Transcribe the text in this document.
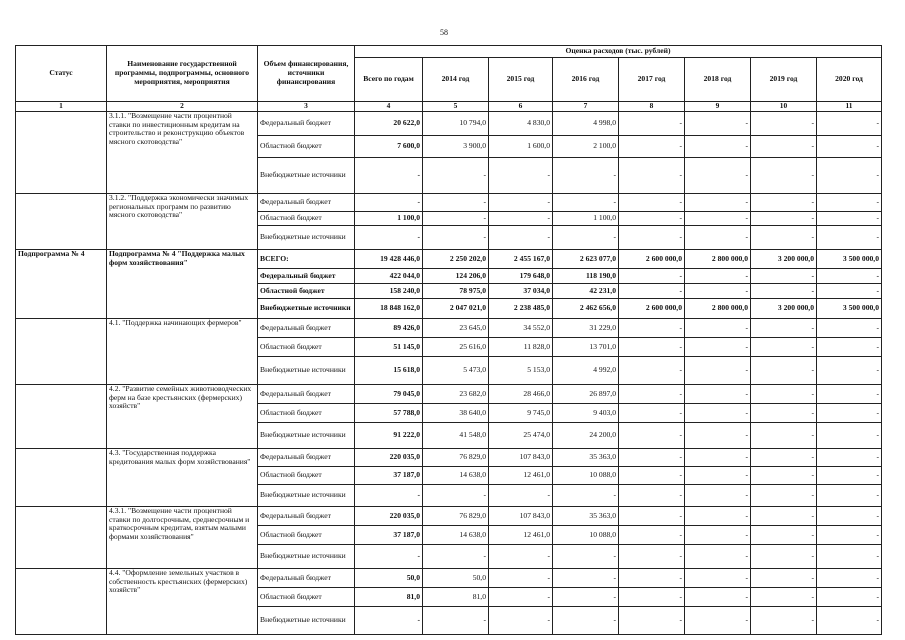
58
Статус	Наименование государственной программы, подпрограммы, основного мероприятия, мероприятия	Объем финансирования, источники финансирования	Оценка расходов (тыс. рублей)							
			Всего по годам	2014 год	2015 год	2016 год	2017 год	2018 год	2019 год	2020 год
1	2	3	4	5	6	7	8	9	10	11
	3.1.1. "Возмещение части процентной ставки по инвестиционным кредитам на строительство и реконструкцию объектов мясного скотоводства"	Федеральный бюджет	20 622,0	10 794,0	4 830,0	4 998,0	-	-	-	-
		Областной бюджет	7 600,0	3 900,0	1 600,0	2 100,0	-	-	-	-
		Внебюджетные источники	-	-	-	-	-	-	-	-
	3.1.2. "Поддержка экономически значимых региональных программ по развитию мясного скотоводства"	Федеральный бюджет	-	-	-	-	-	-	-	-
		Областной бюджет	1 100,0	-	-	1 100,0	-	-	-	-
		Внебюджетные источники	-	-	-	-	-	-	-	-
Подпрограмма № 4	Подпрограмма № 4 "Поддержка малых форм хозяйствования"	ВСЕГО:	19 428 446,0	2 250 202,0	2 455 167,0	2 623 077,0	2 600 000,0	2 800 000,0	3 200 000,0	3 500 000,0
		Федеральный бюджет	422 044,0	124 206,0	179 648,0	118 190,0	-	-	-	-
		Областной бюджет	158 240,0	78 975,0	37 034,0	42 231,0	-	-	-	-
		Внебюджетные источники	18 848 162,0	2 047 021,0	2 238 485,0	2 462 656,0	2 600 000,0	2 800 000,0	3 200 000,0	3 500 000,0
	4.1. "Поддержка начинающих фермеров"	Федеральный бюджет	89 426,0	23 645,0	34 552,0	31 229,0	-	-	-	-
		Областной бюджет	51 145,0	25 616,0	11 828,0	13 701,0	-	-	-	-
		Внебюджетные источники	15 618,0	5 473,0	5 153,0	4 992,0	-	-	-	-
	4.2. "Развитие семейных животноводческих ферм на базе крестьянских (фермерских) хозяйств"	Федеральный бюджет	79 045,0	23 682,0	28 466,0	26 897,0	-	-	-	-
		Областной бюджет	57 788,0	38 640,0	9 745,0	9 403,0	-	-	-	-
		Внебюджетные источники	91 222,0	41 548,0	25 474,0	24 200,0	-	-	-	-
	4.3. "Государственная поддержка кредитования малых форм хозяйствования"	Федеральный бюджет	220 035,0	76 829,0	107 843,0	35 363,0	-	-	-	-
		Областной бюджет	37 187,0	14 638,0	12 461,0	10 088,0	-	-	-	-
		Внебюджетные источники	-	-	-	-	-	-	-	-
	4.3.1. "Возмещение части процентной ставки по долгосрочным, среднесрочным и краткосрочным кредитам, взятым малыми формами хозяйствования"	Федеральный бюджет	220 035,0	76 829,0	107 843,0	35 363,0	-	-	-	-
		Областной бюджет	37 187,0	14 638,0	12 461,0	10 088,0	-	-	-	-
		Внебюджетные источники	-	-	-	-	-	-	-	-
	4.4. "Оформление земельных участков в собственность крестьянских (фермерских) хозяйств"	Федеральный бюджет	50,0	50,0	-	-	-	-	-	-
		Областной бюджет	81,0	81,0	-	-	-	-	-	-
		Внебюджетные источники	-	-	-	-	-	-	-	-
